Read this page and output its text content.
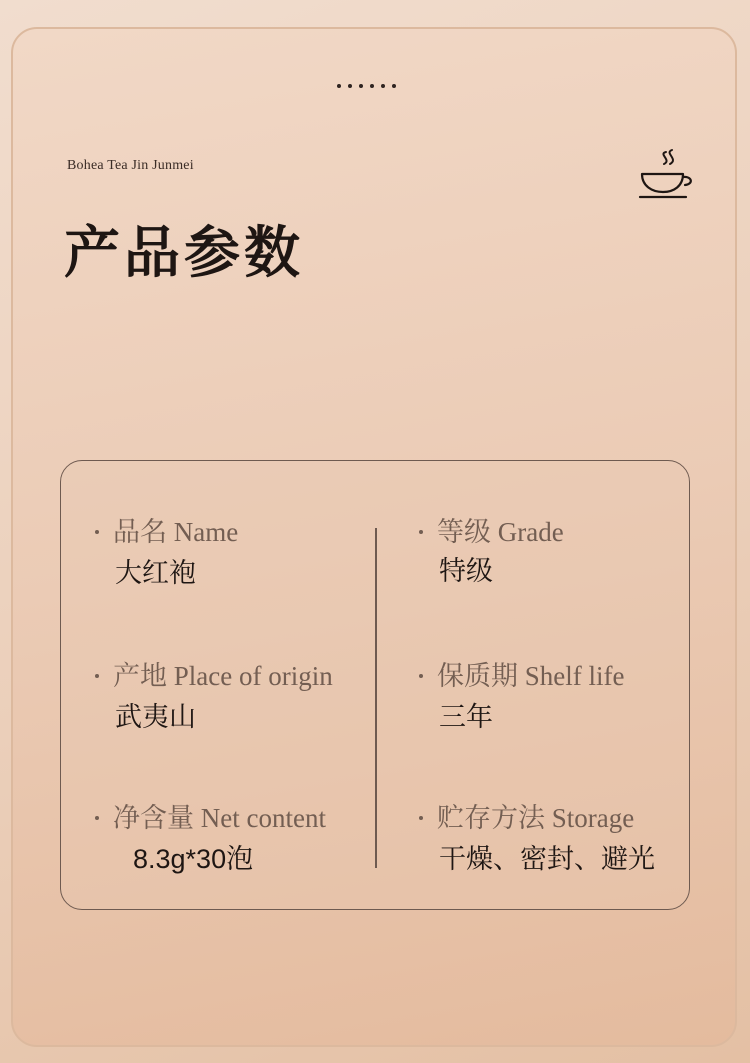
Bohea Tea Jin Junmei
产品参数
品名 Name
大红袍
等级 Grade
特级
产地 Place of origin
武夷山
保质期 Shelf life
三年
净含量 Net content
8.3g*30泡
贮存方法 Storage
干燥、密封、避光
